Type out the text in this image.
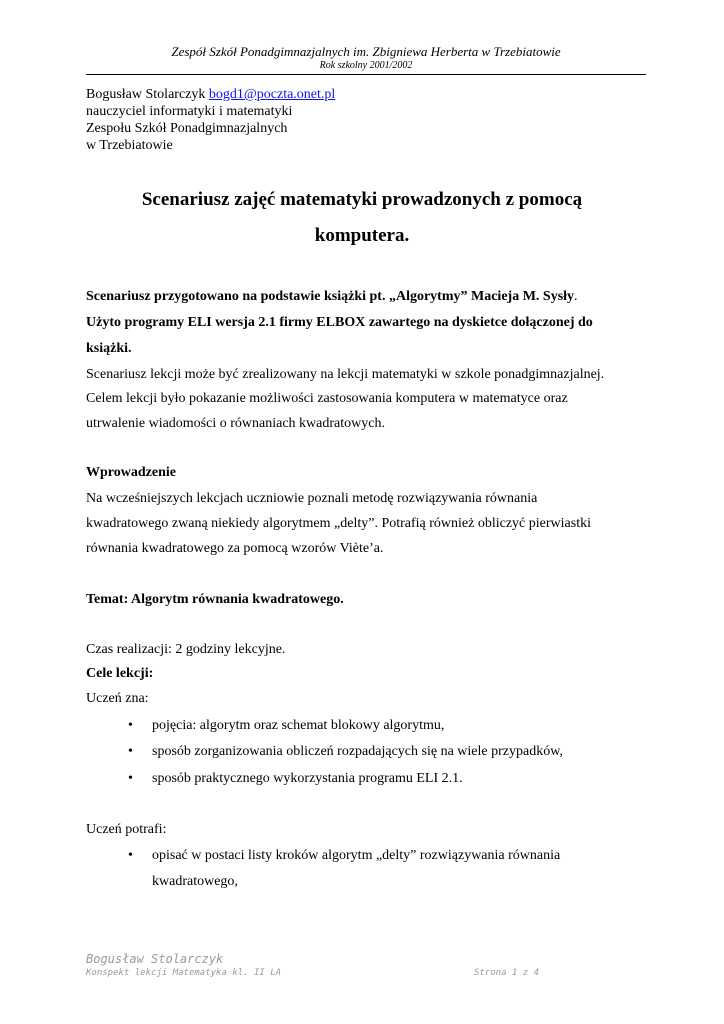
Zespół Szkół Ponadgimnazjalnych im. Zbigniewa Herberta w Trzebiatowie
Rok szkolny 2001/2002
Bogusław Stolarczyk bogd1@poczta.onet.pl
nauczyciel informatyki i matematyki
Zespołu Szkół Ponadgimnazjalnych
w Trzebiatowie
Scenariusz zajęć matematyki prowadzonych z pomocą
komputera.
Scenariusz przygotowano na podstawie książki pt. „Algorytmy” Macieja M. Sysły.
Użyto programy ELI wersja 2.1 firmy ELBOX zawartego na dyskietce dołączonej do
książki.
Scenariusz lekcji może być zrealizowany na lekcji matematyki w szkole ponadgimnazjalnej.
Celem lekcji było pokazanie możliwości zastosowania komputera w matematyce oraz
utrwalenie wiadomości o równaniach kwadratowych.
Wprowadzenie
Na wcześniejszych lekcjach uczniowie poznali metodę rozwiązywania równania
kwadratowego zwaną niekiedy algorytmem „delty”. Potrafią również obliczyć pierwiastki
równania kwadratowego za pomocą wzorów Viète’a.
Temat: Algorytm równania kwadratowego.
Czas realizacji: 2 godziny lekcyjne.
Cele lekcji:
Uczeń zna:
• pojęcia: algorytm oraz schemat blokowy algorytmu,
• sposób zorganizowania obliczeń rozpadających się na wiele przypadków,
• sposób praktycznego wykorzystania programu ELI 2.1.
Uczeń potrafi:
• opisać w postaci listy kroków algorytm „delty” rozwiązywania równania
kwadratowego,
Bogusław Stolarczyk
Konspekt lekcji Matematyka kl. II LA	Strona 1 z 4
